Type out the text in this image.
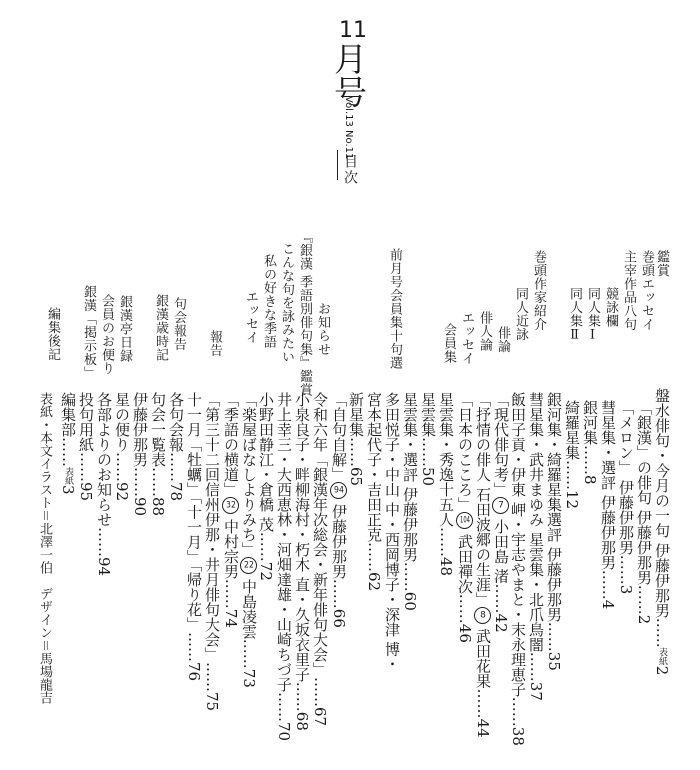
11
月号
Vol.13 No.11
目次
鑑賞
巻頭エッセイ
主宰作品八句
競詠欄
同人集Ⅰ
同人集Ⅱ
巻頭作家紹介
同人近詠
俳論
俳人論
エッセイ
会員集
前月号会員集十句選
お知らせ
『銀漢 季語別俳句集』鑑賞
こんな句を詠みたい
私の好きな季語
エッセイ
報告
句会報告
銀漢歳時記
銀漢亭日録
会員のお便り
銀漢「掲示板」
編集後記
盤水俳句・今月の一句 伊藤伊那男……表紙2
「銀漢」の俳句 伊藤伊那男……2
「メロン」 伊藤伊那男……3
彗星集・選評 伊藤伊那男……4
銀河集……8
綺羅星集……12
銀河集・綺羅星集選評 伊藤伊那男……35
彗星集・武井まゆみ 星雲集・北爪鳥闇……37
飯田子貢・伊東 岬・宇志やまと・末永理恵子……38
「現代俳句考」7 小田島 渚……42
「抒情の俳人 石田波郷の生涯」8 武田花果……44
「日本のこころ」104 武田禪次……46
星雲集・秀逸十五人……48
星雲集……50
星雲集・選評 伊藤伊那男……60
多田悦子・中山 中・西岡博子・深津 博・
宮本起代子・吉田正克……62
新星集……65
「自句自解」94 伊藤伊那男……66
令和六年「銀漢年次総会・新年俳句大会」……67
小泉良子・畔柳海村・朽木 直・久坂衣里子……68
井上幸三・大西恵林・河畑達雄・山崎ちづ子……70
小野田静江・倉橋 茂……72
「楽屋ばなしよりみち」22 中島凌雲……73
「季語の横道」32 中村宗男……74
「第三十二回信州伊那・井月俳句大会」……75
十一月「牡蠣」「十一月」「帰り花」……76
各句会報……78
句会一覧表……88
伊藤伊那男……90
星の便り……92
各部よりのお知らせ……94
投句用紙……95
編集部……表紙3
表紙・本文イラスト＝北澤一伯　デザイン＝馬場龍吉
